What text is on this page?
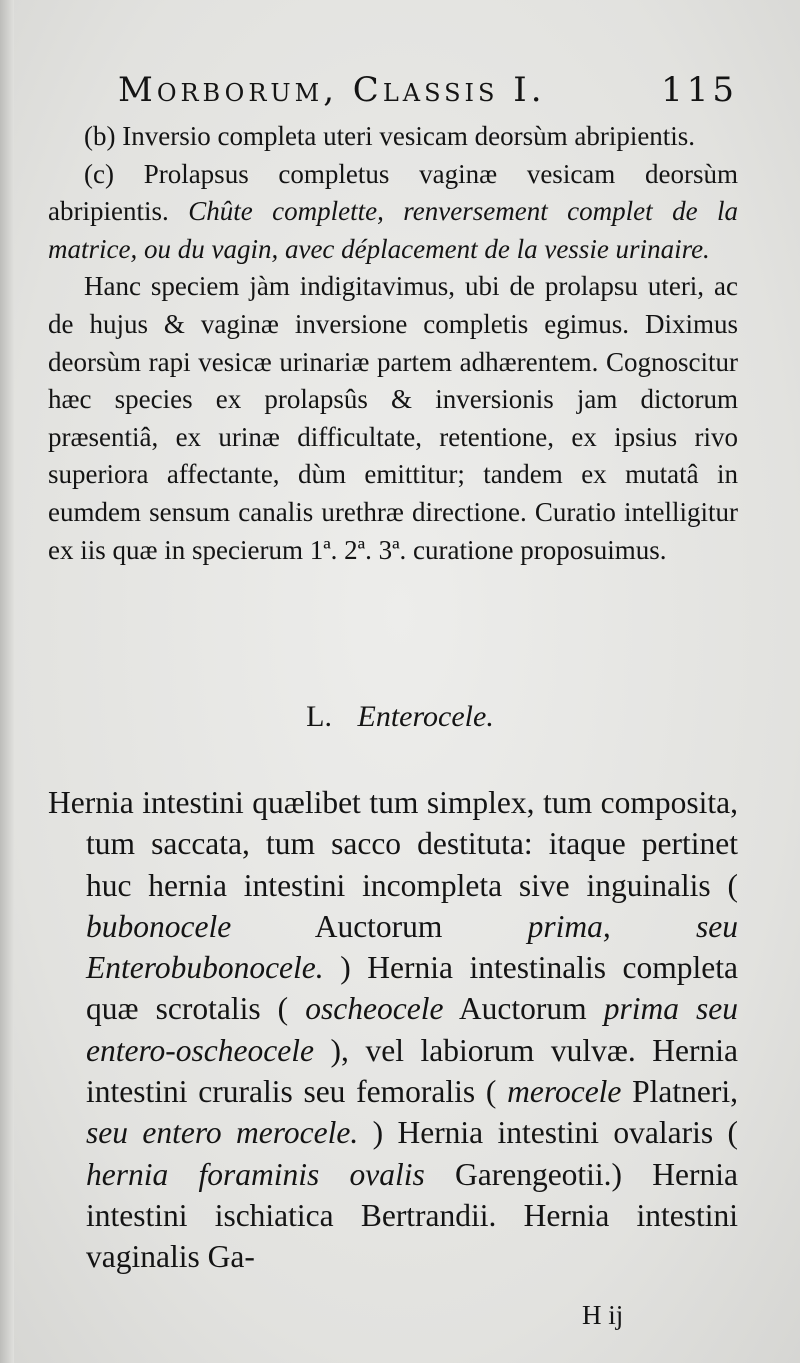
Morborum, Classis I.	115

(b) Inversio completa uteri vesicam deorsùm abripientis.

(c) Prolapsus completus vaginæ vesicam deorsùm abripientis. Chûte complette, renversement complet de la matrice, ou du vagin, avec déplacement de la vessie urinaire.

Hanc speciem jàm indigitavimus, ubi de prolapsu uteri, ac de hujus & vaginæ inversione completis egimus. Diximus deorsùm rapi vesicæ urinariæ partem adhærentem. Cognoscitur hæc species ex prolapsûs & inversionis jam dictorum præsentiâ, ex urinæ difficultate, retentione, ex ipsius rivo superiora affectante, dùm emittitur; tandem ex mutatâ in eumdem sensum canalis urethræ directione. Curatio intelligitur ex iis quæ in specierum 1ª. 2ª. 3ª. curatione proposuimus.

L. Enterocele.

Hernia intestini quælibet tum simplex, tum composita, tum saccata, tum sacco destituta: itaque pertinet huc hernia intestini incompleta sive inguinalis ( bubonocele	Auctorum	prima, seu Enterobubonocele. ) Hernia intestinalis completa quæ scrotalis ( oscheocele Auctorum prima seu entero-oscheocele ), vel labiorum vulvæ. Hernia intestini cruralis seu femoralis ( merocele Platneri, seu entero merocele. ) Hernia intestini ovalaris ( hernia foraminis ovalis Garengeotii.) Hernia intestini ischiatica Bertrandii. Hernia intestini vaginalis Ga-

H ij
